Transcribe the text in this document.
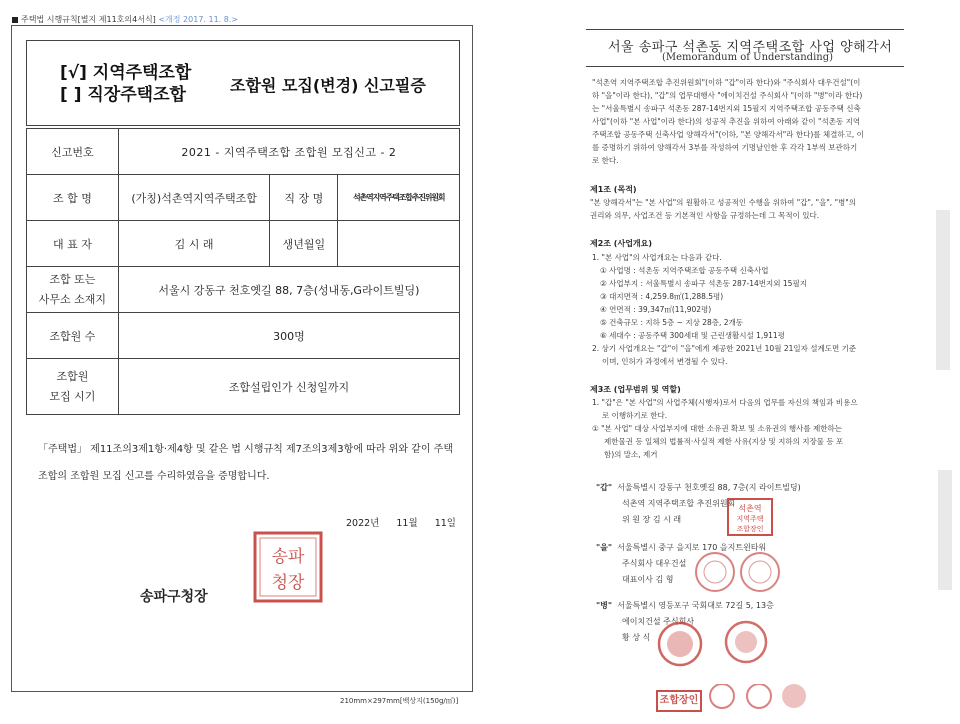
주택법 시행규칙[별지 제11호의4서식] <개정 2017. 11. 8.>
[√] 지역주택조합
[ ] 직장주택조합	조합원 모집(변경) 신고필증
신고번호	2021 - 지역주택조합 조합원 모집신고 - 2		
조 합 명	(가칭)석촌역지역주택조합	직 장 명	석촌역지역주택조합추진위원회
대 표 자	김 시 래	생년월일	

조합 또는
사무소 소재지	서울시 강동구 천호옛길 88, 7층(성내동,G라이트빌딩)		
조합원 수	300명		

조합원
모집 시기	조합설립인가 신청일까지		
「주택법」 제11조의3제1항·제4항 및 같은 법 시행규칙 제7조의3제3항에 따라 위와 같이 주택조합의 조합원 모집 신고를 수리하였음을 증명합니다.
2022년 11월 11일
송파구청장
송파
청장
210mm×297mm[백상지(150g/㎡)]
서울 송파구 석촌동 지역주택조합 사업 양해각서
(Memorandum of Understanding)
"석촌역 지역주택조합 추진위원회"(이하 "갑"이라 한다)와 "주식회사 대우건설"(이
하 "을"이라 한다), "갑"의 업무대행사 "에이치건설 주식회사 "(이하 "병"이라 한다)
는 "서울특별시 송파구 석촌동 287-14번지외 15필지 지역주택조합 공동주택 신축
사업"(이하 "본 사업"이라 한다)의 성공적 추진을 위하여 아래와 같이 "석촌동 지역
주택조합 공동주택 신축사업 양해각서"(이하, "본 양해각서"라 한다)를 체결하고, 이
를 증명하기 위하여 양해각서 3부를 작성하여 기명날인한 후 각각 1부씩 보관하기
로 한다.
제1조 (목적)
"본 양해각서"는 "본 사업"의 원활하고 성공적인 수행을 위하여 "갑", "을", "병"의
권리와 의무, 사업조건 등 기본적인 사항을 규정하는데 그 목적이 있다.
제2조 (사업개요)
1. "본 사업"의 사업개요는 다음과 같다.
① 사업명 : 석촌동 지역주택조합 공동주택 신축사업
② 사업부지 : 서울특별시 송파구 석촌동 287-14번지외 15필지
③ 대지면적 : 4,259.8㎡(1,288.5평)
④ 연면적 : 39,347㎡(11,902평)
⑤ 건축규모 : 지하 5층 ~ 지상 28층, 2개동
⑥ 세대수 : 공동주택 300세대 및 근린생활시설 1,911평
2. 상기 사업개요는 "갑"이 "을"에게 제공한 2021년 10월 21일자 설계도면 기준
이며, 인허가 과정에서 변경될 수 있다.
제3조 (업무범위 및 역할)
1. "갑"은 "본 사업"의 사업주체(시행자)로서 다음의 업무를 자신의 책임과 비용으
로 이행하기로 한다.
① "본 사업" 대상 사업부지에 대한 소유권 확보 및 소유권의 행사를 제한하는
제한물권 등 일체의 법률적·사실적 제한 사유(지상 및 지하의 지장물 등 포
함)의 말소, 제거
"갑" 서울특별시 강동구 천호옛길 88, 7층(지 라이트빌딩)
석촌역 지역주택조합 추진위원회
위 원 장 김 시 래
석촌역
지역주택
조합장인
"을" 서울특별시 중구 을지로 170 을지트윈타워
주식회사 대우건설
대표이사 김 형
"병" 서울특별시 영등포구 국회대로 72길 5, 13층
에이치건설 주식회사
황 상 식
조합장인
